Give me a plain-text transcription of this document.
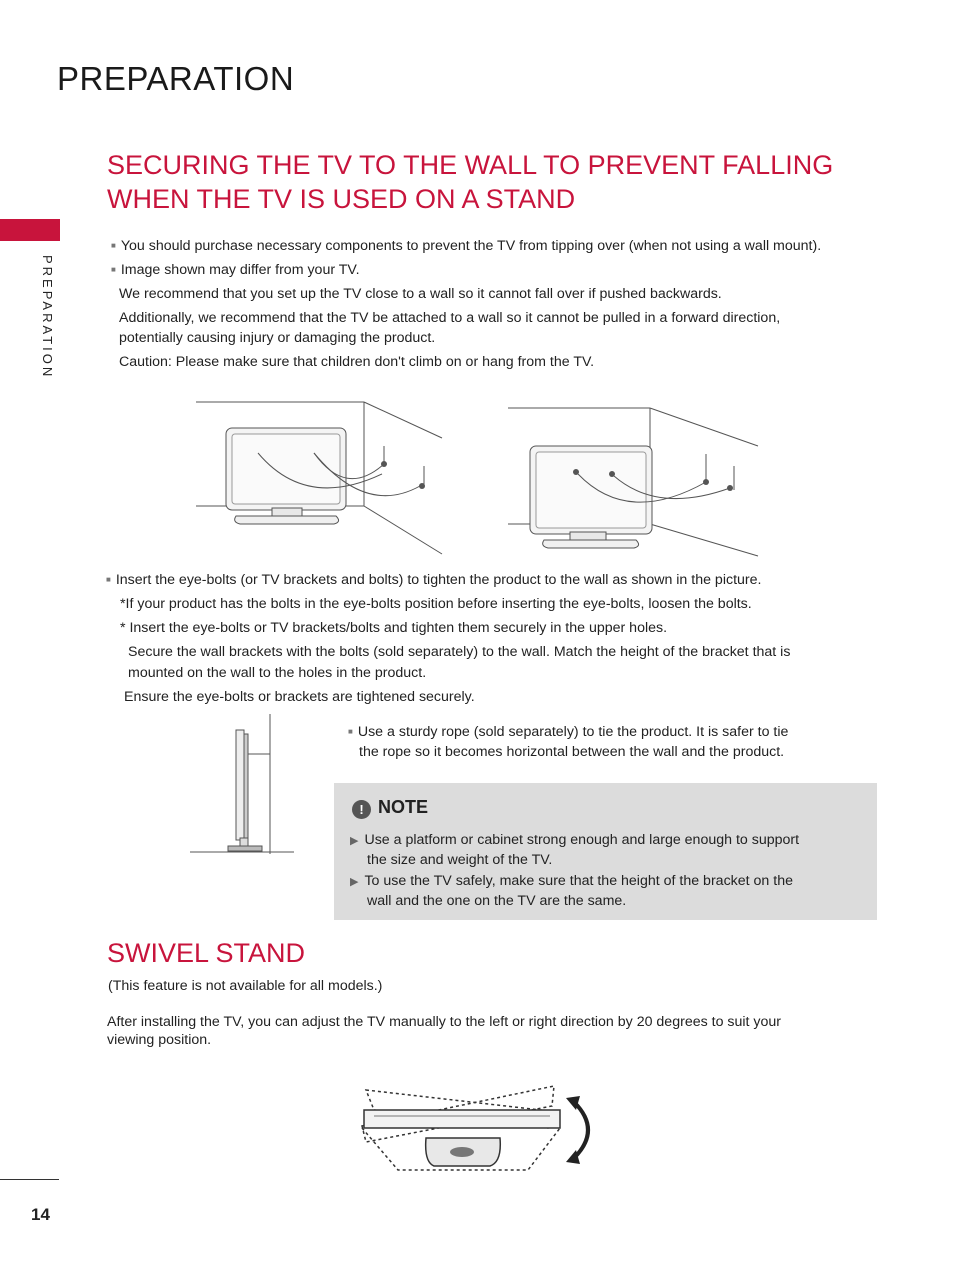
PREPARATION
PREPARATION
SECURING THE TV TO THE WALL TO PREVENT FALLING
WHEN THE TV IS USED ON A STAND
■ You should purchase necessary components to prevent the TV from tipping over (when not using a wall mount).
■ Image shown may differ from your TV.
We recommend that you set up the TV close to a wall so it cannot fall over if pushed backwards.
Additionally, we recommend that the TV be attached to a wall so it cannot be pulled in a forward direction,
potentially causing injury or damaging the product.
Caution: Please make sure that children don't climb on or hang from the TV.
■ Insert the eye-bolts (or TV brackets and bolts) to tighten the product to the wall as shown in the picture.
*If your product has the bolts in the eye-bolts position before inserting the eye-bolts, loosen the bolts.
* Insert the eye-bolts or TV brackets/bolts and tighten them securely in the upper holes.
Secure the wall brackets with the bolts (sold separately) to the wall. Match the height of the bracket that is
mounted on the wall to the holes in the product.
Ensure the eye-bolts or brackets are tightened securely.
■ Use a sturdy rope (sold separately) to tie the product. It is safer to tie
the rope so it becomes horizontal between the wall and the product.
! NOTE
▶ Use a platform or cabinet strong enough and large enough to support
the size and weight of the TV.
▶ To use the TV safely, make sure that the height of the bracket on the
wall and the one on the TV are the same.
SWIVEL STAND
(This feature is not available for all models.)
After installing the TV, you can adjust the TV manually to the left or right direction by 20 degrees to suit your
viewing position.
14
